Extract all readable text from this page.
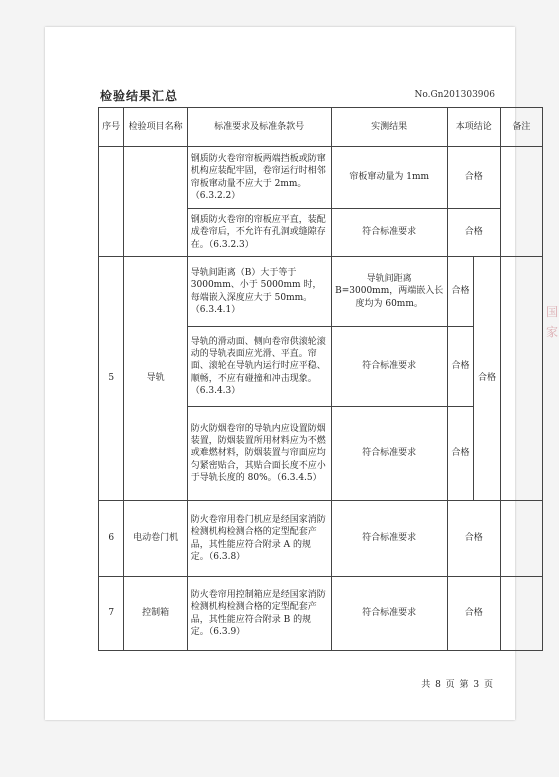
检验结果汇总	No.Gn201303906
序号	检验项目名称	标准要求及标准条款号	实测结果	本项结论		备注
		钢质防火卷帘帘板两端挡板或防窜机构应装配牢固，卷帘运行时相邻帘板窜动量不应大于 2mm。（6.3.2.2）	帘板窜动量为 1mm	合格		
		钢质防火卷帘的帘板应平直，装配成卷帘后，不允许有孔洞或缝隙存在。（6.3.2.3）	符合标准要求	合格		
5	导轨	导轨间距离（B）大于等于 3000mm、小于 5000mm 时，每端嵌入深度应大于 50mm。（6.3.4.1）	导轨间距离 B=3000mm，两端嵌入长度均为 60mm。	合格	合格	
		导轨的滑动面、侧向卷帘供滚轮滚动的导轨表面应光滑、平直。帘面、滚轮在导轨内运行时应平稳、顺畅，不应有碰撞和冲击现象。（6.3.4.3）	符合标准要求	合格		
		防火防烟卷帘的导轨内应设置防烟装置，防烟装置所用材料应为不燃或难燃材料，防烟装置与帘面应均匀紧密贴合，其贴合面长度不应小于导轨长度的 80%。（6.3.4.5）	符合标准要求	合格		
6	电动卷门机	防火卷帘用卷门机应是经国家消防检测机构检测合格的定型配套产品，其性能应符合附录 A 的规定。（6.3.8）	符合标准要求	合格		
7	控制箱	防火卷帘用控制箱应是经国家消防检测机构检测合格的定型配套产品，其性能应符合附录 B 的规定。（6.3.9）	符合标准要求	合格		
共 8 页 第 3 页
国
家
